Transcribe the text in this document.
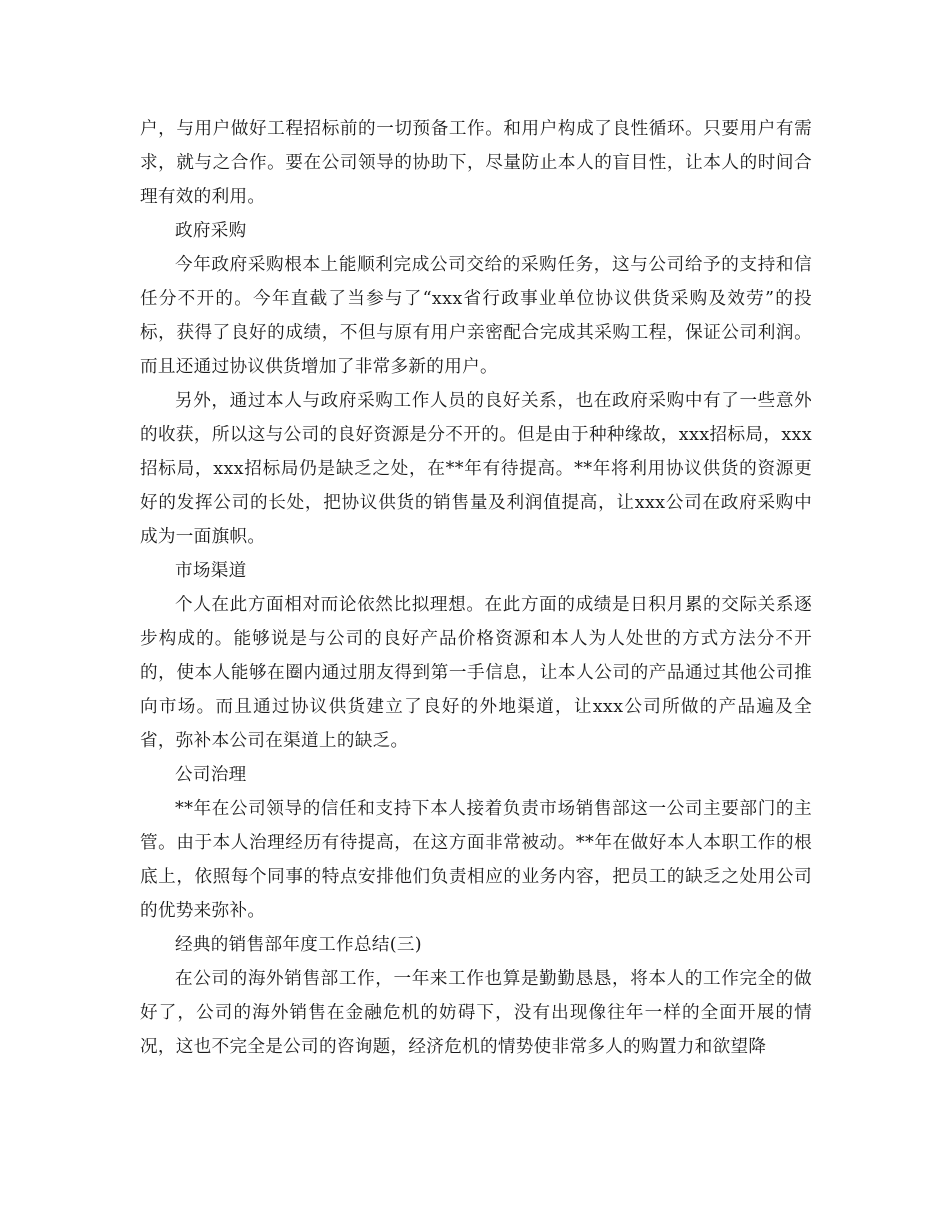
户，与用户做好工程招标前的一切预备工作。和用户构成了良性循环。只要用户有需求，就与之合作。要在公司领导的协助下，尽量防止本人的盲目性，让本人的时间合理有效的利用。

政府采购

今年政府采购根本上能顺利完成公司交给的采购任务，这与公司给予的支持和信任分不开的。今年直截了当参与了“xxx省行政事业单位协议供货采购及效劳”的投标，获得了良好的成绩，不但与原有用户亲密配合完成其采购工程，保证公司利润。而且还通过协议供货增加了非常多新的用户。

另外，通过本人与政府采购工作人员的良好关系，也在政府采购中有了一些意外的收获，所以这与公司的良好资源是分不开的。但是由于种种缘故，xxx招标局，xxx招标局，xxx招标局仍是缺乏之处，在**年有待提高。**年将利用协议供货的资源更好的发挥公司的长处，把协议供货的销售量及利润值提高，让xxx公司在政府采购中成为一面旗帜。

市场渠道

个人在此方面相对而论依然比拟理想。在此方面的成绩是日积月累的交际关系逐步构成的。能够说是与公司的良好产品价格资源和本人为人处世的方式方法分不开的，使本人能够在圈内通过朋友得到第一手信息，让本人公司的产品通过其他公司推向市场。而且通过协议供货建立了良好的外地渠道，让xxx公司所做的产品遍及全省，弥补本公司在渠道上的缺乏。

公司治理

**年在公司领导的信任和支持下本人接着负责市场销售部这一公司主要部门的主管。由于本人治理经历有待提高，在这方面非常被动。**年在做好本人本职工作的根底上，依照每个同事的特点安排他们负责相应的业务内容，把员工的缺乏之处用公司的优势来弥补。

经典的销售部年度工作总结(三)

在公司的海外销售部工作，一年来工作也算是勤勤恳恳，将本人的工作完全的做好了，公司的海外销售在金融危机的妨碍下，没有出现像往年一样的全面开展的情况，这也不完全是公司的咨询题，经济危机的情势使非常多人的购置力和欲望降
